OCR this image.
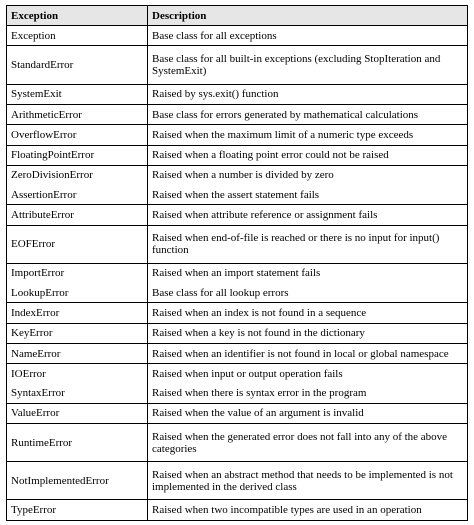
Exception	Description
Exception	Base class for all exceptions
StandardError	Base class for all built-in exceptions (excluding StopIteration and SystemExit)
SystemExit	Raised by sys.exit() function
ArithmeticError	Base class for errors generated by mathematical calculations
OverflowError	Raised when the maximum limit of a numeric type exceeds
FloatingPointError	Raised when a floating point error could not be raised
ZeroDivisionError	Raised when a number is divided by zero
AssertionError	Raised when the assert statement fails
AttributeError	Raised when attribute reference or assignment fails
EOFError	Raised when end-of-file is reached or there is no input for input() function
ImportError	Raised when an import statement fails
LookupError	Base class for all lookup errors
IndexError	Raised when an index is not found in a sequence
KeyError	Raised when a key is not found in the dictionary
NameError	Raised when an identifier is not found in local or global namespace
IOError	Raised when input or output operation fails
SyntaxError	Raised when there is syntax error in the program
ValueError	Raised when the value of an argument is invalid
RuntimeError	Raised when the generated error does not fall into any of the above categories
NotImplementedError	Raised when an abstract method that needs to be implemented is not implemented in the derived class
TypeError	Raised when two incompatible types are used in an operation
